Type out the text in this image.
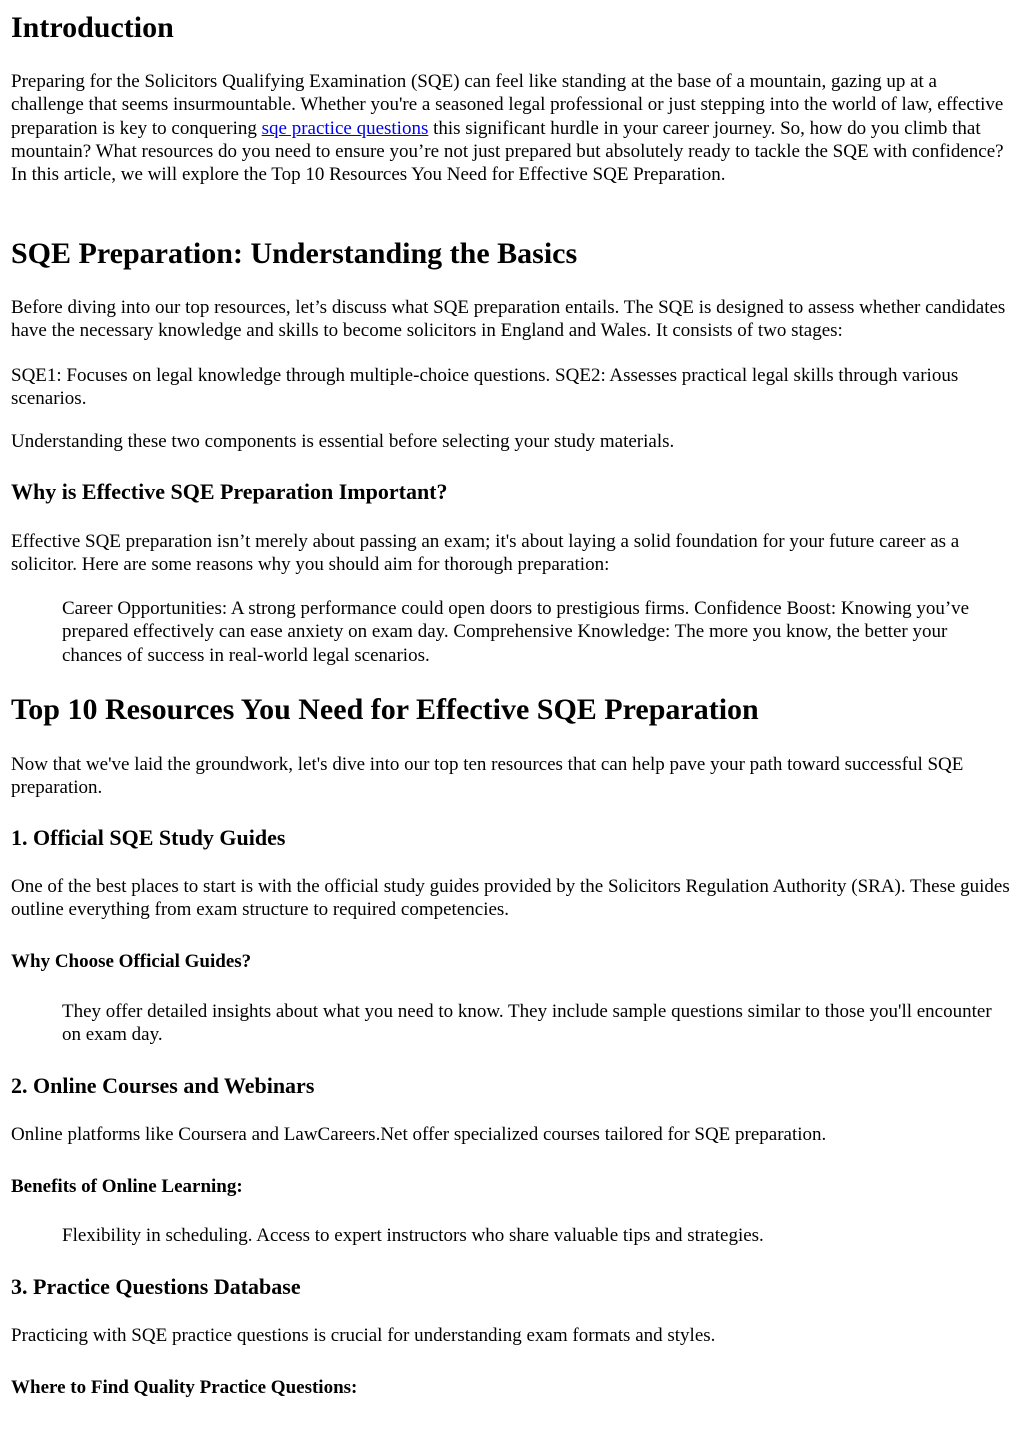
Introduction

Preparing for the Solicitors Qualifying Examination (SQE) can feel like standing at the base of a mountain, gazing up at a challenge that seems insurmountable. Whether you're a seasoned legal professional or just stepping into the world of law, effective preparation is key to conquering sqe practice questions this significant hurdle in your career journey. So, how do you climb that mountain? What resources do you need to ensure you’re not just prepared but absolutely ready to tackle the SQE with confidence? In this article, we will explore the Top 10 Resources You Need for Effective SQE Preparation.

SQE Preparation: Understanding the Basics

Before diving into our top resources, let’s discuss what SQE preparation entails. The SQE is designed to assess whether candidates have the necessary knowledge and skills to become solicitors in England and Wales. It consists of two stages:

SQE1: Focuses on legal knowledge through multiple-choice questions. SQE2: Assesses practical legal skills through various scenarios.

Understanding these two components is essential before selecting your study materials.

Why is Effective SQE Preparation Important?

Effective SQE preparation isn’t merely about passing an exam; it's about laying a solid foundation for your future career as a solicitor. Here are some reasons why you should aim for thorough preparation:

Career Opportunities: A strong performance could open doors to prestigious firms. Confidence Boost: Knowing you’ve prepared effectively can ease anxiety on exam day. Comprehensive Knowledge: The more you know, the better your chances of success in real-world legal scenarios.

Top 10 Resources You Need for Effective SQE Preparation

Now that we've laid the groundwork, let's dive into our top ten resources that can help pave your path toward successful SQE preparation.

1. Official SQE Study Guides

One of the best places to start is with the official study guides provided by the Solicitors Regulation Authority (SRA). These guides outline everything from exam structure to required competencies.

Why Choose Official Guides?

They offer detailed insights about what you need to know. They include sample questions similar to those you'll encounter on exam day.

2. Online Courses and Webinars

Online platforms like Coursera and LawCareers.Net offer specialized courses tailored for SQE preparation.

Benefits of Online Learning:

Flexibility in scheduling. Access to expert instructors who share valuable tips and strategies.

3. Practice Questions Database

Practicing with SQE practice questions is crucial for understanding exam formats and styles.

Where to Find Quality Practice Questions:
